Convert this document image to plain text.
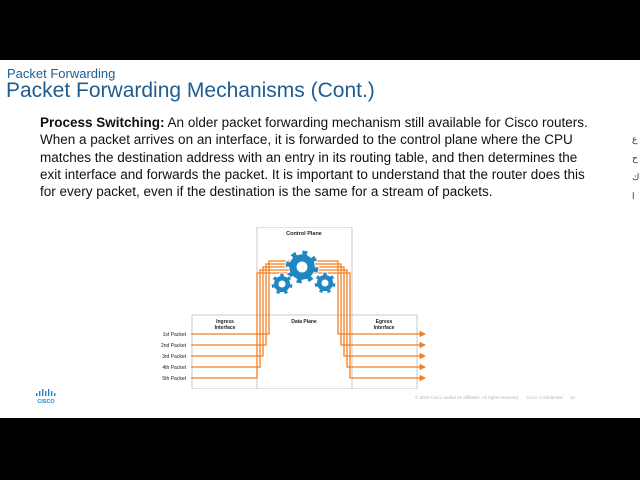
Packet Forwarding
Packet Forwarding Mechanisms (Cont.)
Process Switching: An older packet forwarding mechanism still available for Cisco routers. When a packet arrives on an interface, it is forwarded to the control plane where the CPU matches the destination address with an entry in its routing table, and then determines the exit interface and forwards the packet. It is important to understand that the router does this for every packet, even if the destination is the same for a stream of packets.
Control Plane
Data Plane
Ingress
Interface
Egress
Interface
1st Packet
2nd Packet
3rd Packet
4th Packet
5th Packet
CPU
ع
ح
ك
ا
CISCO
© 2016 Cisco and/or its affiliates. All rights reserved. Cisco Confidential 12
